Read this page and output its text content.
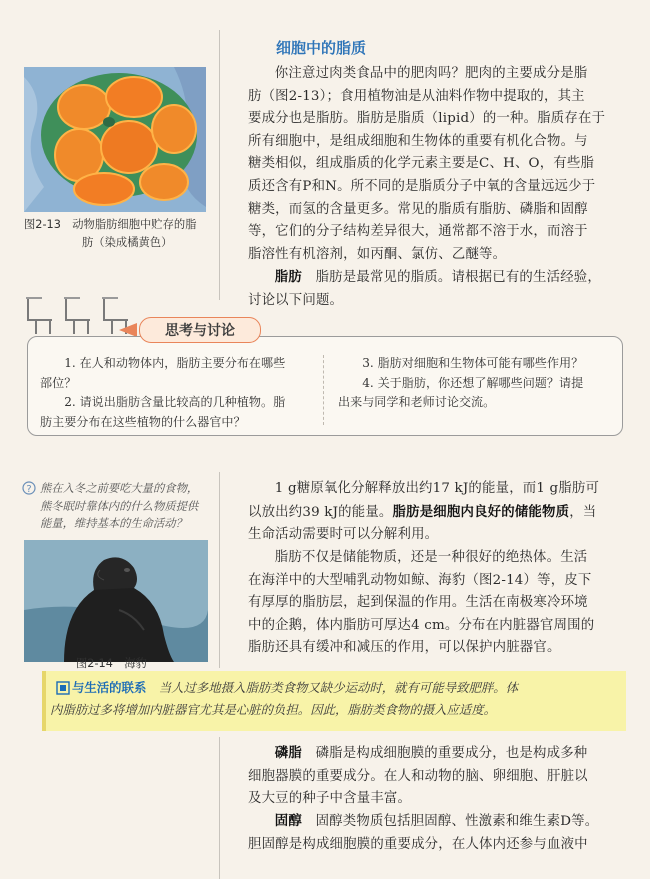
细胞中的脂质

你注意过肉类食品中的肥肉吗？肥肉的主要成分是脂

肪（图2-13）；食用植物油是从油料作物中提取的，其主

要成分也是脂肪。脂肪是脂质（lipid）的一种。脂质存在于

所有细胞中，是组成细胞和生物体的重要有机化合物。与

糖类相似，组成脂质的化学元素主要是C、H、O，有些脂

质还含有P和N。所不同的是脂质分子中氧的含量远远少于

糖类，而氢的含量更多。常见的脂质有脂肪、磷脂和固醇

等，它们的分子结构差异很大，通常都不溶于水，而溶于

脂溶性有机溶剂，如丙酮、氯仿、乙醚等。

脂肪　 脂肪是最常见的脂质。请根据已有的生活经验，

讨论以下问题。

图2-13　动物脂肪细胞中贮存的脂
肪（染成橘黄色）
思考与讨论
1. 在人和动物体内，脂肪主要分布在哪些
部位？
2. 请说出脂肪含量比较高的几种植物。脂
肪主要分布在这些植物的什么器官中？
3. 脂肪对细胞和生物体可能有哪些作用？
4. 关于脂肪，你还想了解哪些问题？请提
出来与同学和老师讨论交流。
? 熊在入冬之前要吃大量的食物，
熊冬眠时靠体内的什么物质提供
能量，维持基本的生命活动？
图2-14　海豹

1 g糖原氧化分解释放出约17 kJ的能量，而1 g脂肪可

以放出约39 kJ的能量。脂肪是细胞内良好的储能物质，当

生命活动需要时可以分解利用。

脂肪不仅是储能物质，还是一种很好的绝热体。生活

在海洋中的大型哺乳动物如鲸、海豹（图2-14）等，皮下

有厚厚的脂肪层，起到保温的作用。生活在南极寒冷环境

中的企鹅，体内脂肪可厚达4 cm。分布在内脏器官周围的

脂肪还具有缓冲和减压的作用，可以保护内脏器官。

与生活的联系　 当人过多地摄入脂肪类食物又缺少运动时，就有可能导致肥胖。体
内脂肪过多将增加内脏器官尤其是心脏的负担。因此，脂肪类食物的摄入应适度。

磷脂　 磷脂是构成细胞膜的重要成分，也是构成多种

细胞器膜的重要成分。在人和动物的脑、卵细胞、肝脏以

及大豆的种子中含量丰富。

固醇　 固醇类物质包括胆固醇、性激素和维生素D等。

胆固醇是构成细胞膜的重要成分，在人体内还参与血液中
